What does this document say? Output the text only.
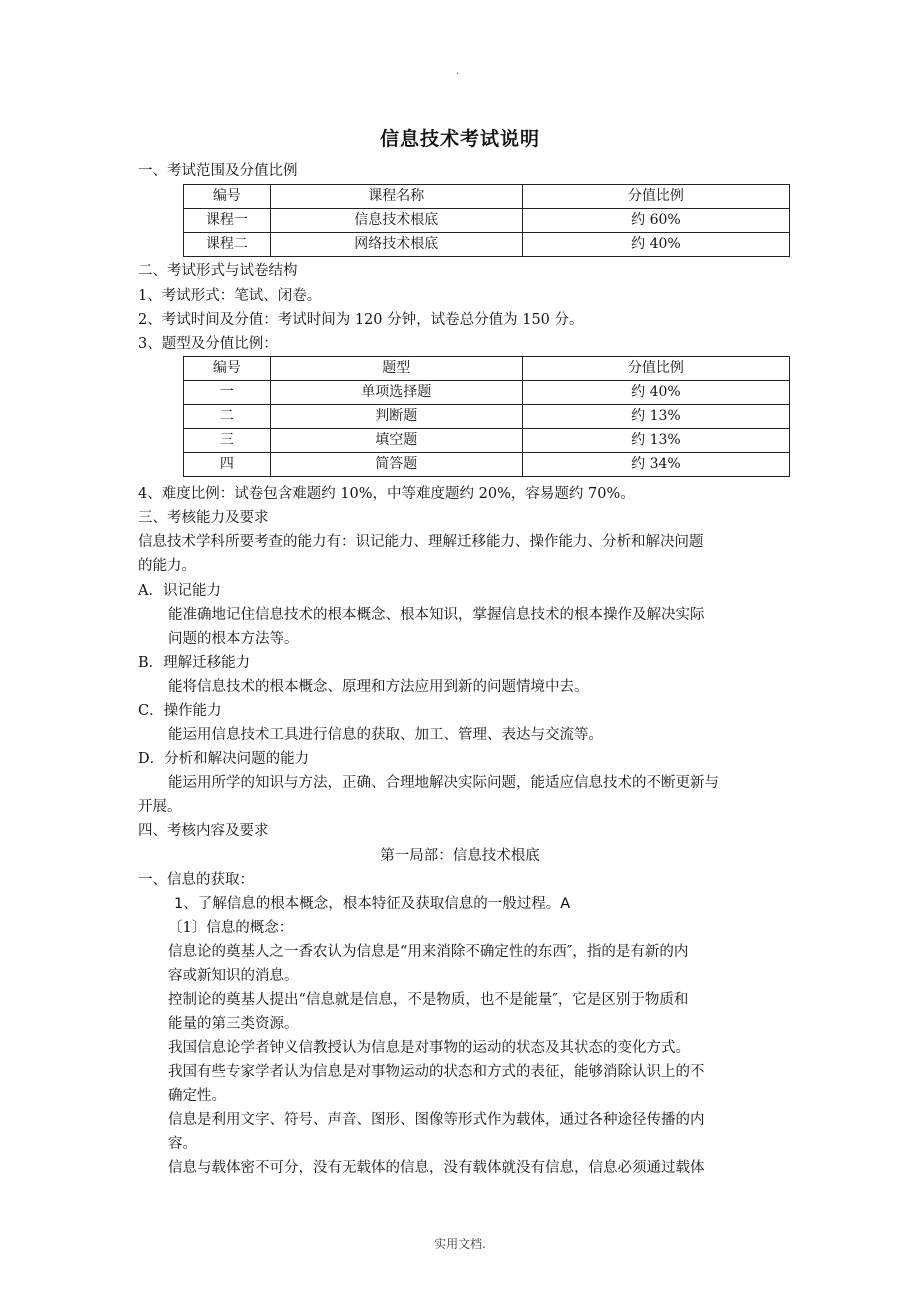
.
信息技术考试说明
一、考试范围及分值比例
编号	课程名称	分值比例
课程一	信息技术根底	约 60%
课程二	网络技术根底	约 40%
二、考试形式与试卷结构
1、考试形式：笔试、闭卷。
2、考试时间及分值：考试时间为 120 分钟，试卷总分值为 150 分。
3、题型及分值比例：
编号	题型	分值比例
一	单项选择题	约 40%
二	判断题	约 13%
三	填空题	约 13%
四	简答题	约 34%
4、难度比例：试卷包含难题约 10%，中等难度题约 20%，容易题约 70%。
三、考核能力及要求
信息技术学科所要考查的能力有：识记能力、理解迁移能力、操作能力、分析和解决问题
的能力。
A．识记能力
能准确地记住信息技术的根本概念、根本知识，掌握信息技术的根本操作及解决实际
问题的根本方法等。
B．理解迁移能力
能将信息技术的根本概念、原理和方法应用到新的问题情境中去。
C．操作能力
能运用信息技术工具进行信息的获取、加工、管理、表达与交流等。
D．分析和解决问题的能力
能运用所学的知识与方法，正确、合理地解决实际问题，能适应信息技术的不断更新与
开展。
四、考核内容及要求
第一局部：信息技术根底
一、信息的获取：
1、了解信息的根本概念，根本特征及获取信息的一般过程。A
〔1〕信息的概念：
信息论的奠基人之一香农认为信息是“用来消除不确定性的东西″，指的是有新的内
容或新知识的消息。
控制论的奠基人提出“信息就是信息，不是物质，也不是能量″，它是区别于物质和
能量的第三类资源。
我国信息论学者钟义信教授认为信息是对事物的运动的状态及其状态的变化方式。
我国有些专家学者认为信息是对事物运动的状态和方式的表征，能够消除认识上的不
确定性。
信息是利用文字、符号、声音、图形、图像等形式作为载体，通过各种途径传播的内
容。
信息与载体密不可分，没有无载体的信息，没有载体就没有信息，信息必须通过载体
实用文档.
